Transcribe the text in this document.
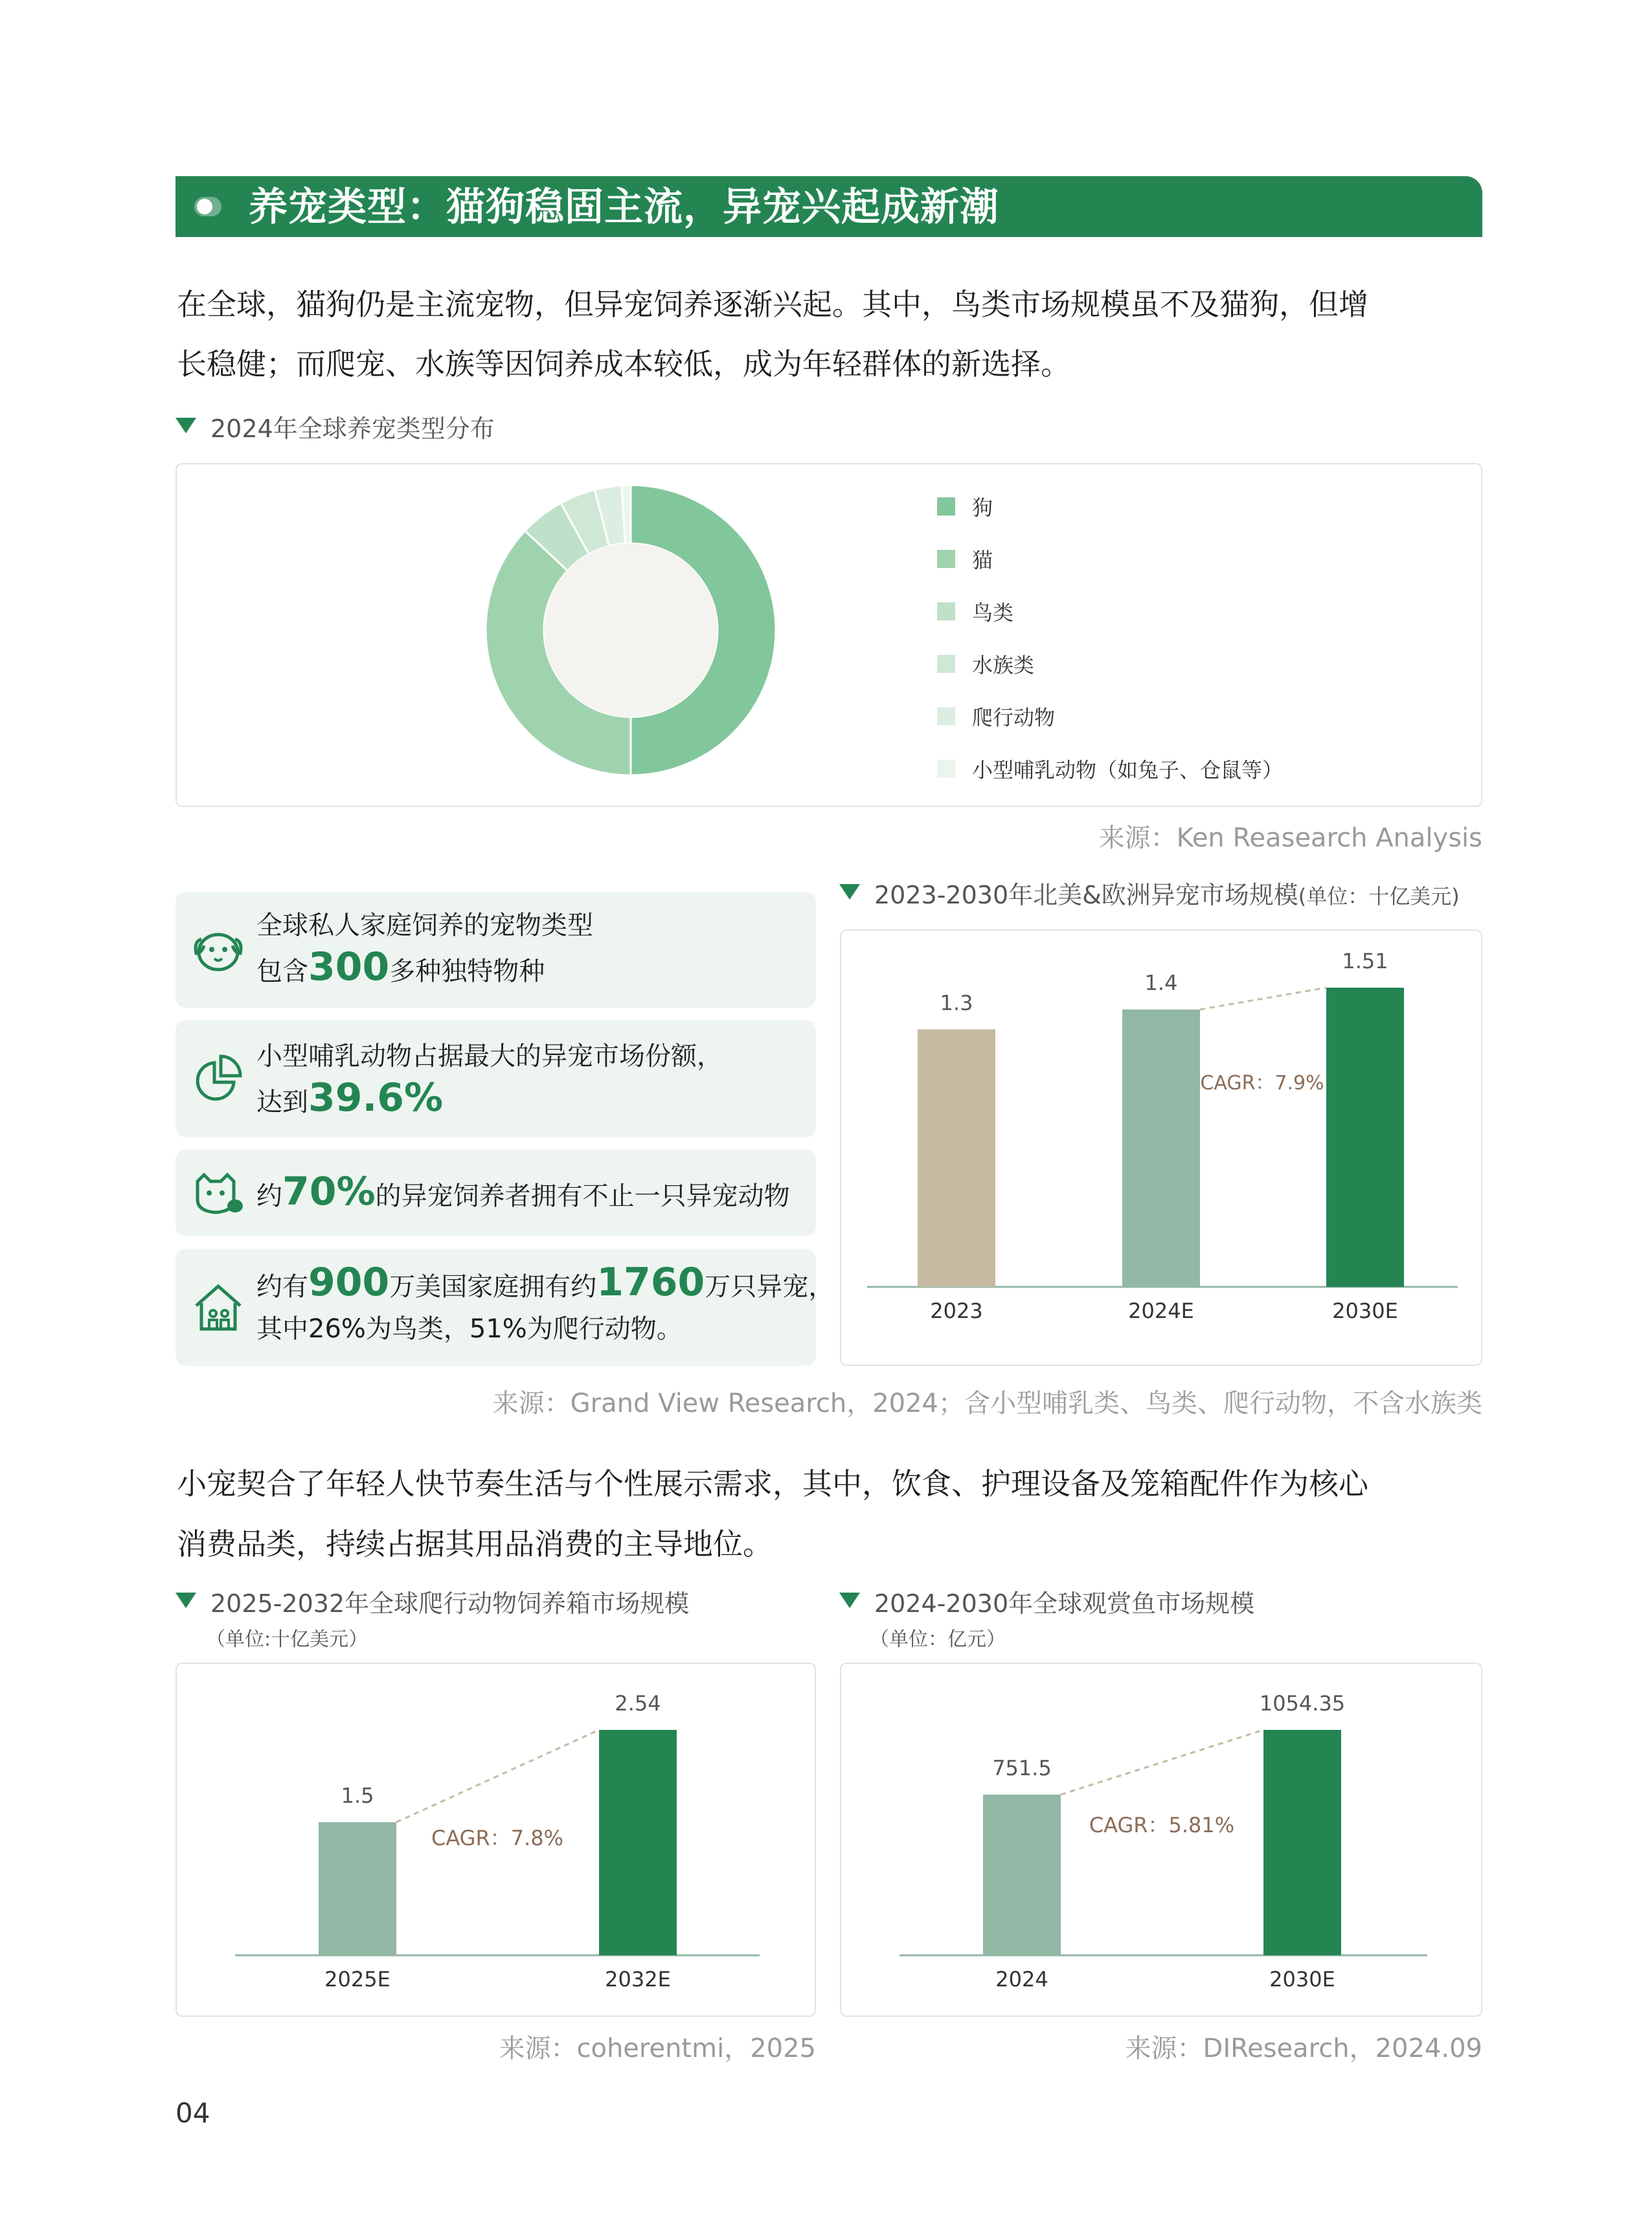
养宠类型：猫狗稳固主流，异宠兴起成新潮
在全球，猫狗仍是主流宠物，但异宠饲养逐渐兴起。其中，鸟类市场规模虽不及猫狗，但增
长稳健；而爬宠、水族等因饲养成本较低，成为年轻群体的新选择。
2024年全球养宠类型分布
狗
猫
鸟类
水族类
爬行动物
小型哺乳动物（如兔子、仓鼠等）
来源：Ken Reasearch Analysis
全球私人家庭饲养的宠物类型
包含300多种独特物种
小型哺乳动物占据最大的异宠市场份额，
达到39.6%
约70%的异宠饲养者拥有不止一只异宠动物
约有900万美国家庭拥有约1760万只异宠，
其中26%为鸟类，51%为爬行动物。
2023-2030年北美&欧洲异宠市场规模(单位：十亿美元)
1.3
2023
1.4
2024E
1.51
2030E
CAGR：7.9%
来源：Grand View Research，2024；含小型哺乳类、鸟类、爬行动物，不含水族类
小宠契合了年轻人快节奏生活与个性展示需求，其中，饮食、护理设备及笼箱配件作为核心
消费品类，持续占据其用品消费的主导地位。
2025-2032年全球爬行动物饲养箱市场规模
（单位:十亿美元）
1.5
2025E
2.54
2032E
CAGR：7.8%
来源：coherentmi，2025
2024-2030年全球观赏鱼市场规模
（单位：亿元）
751.5
2024
1054.35
2030E
CAGR：5.81%
来源：DIResearch，2024.09
04
